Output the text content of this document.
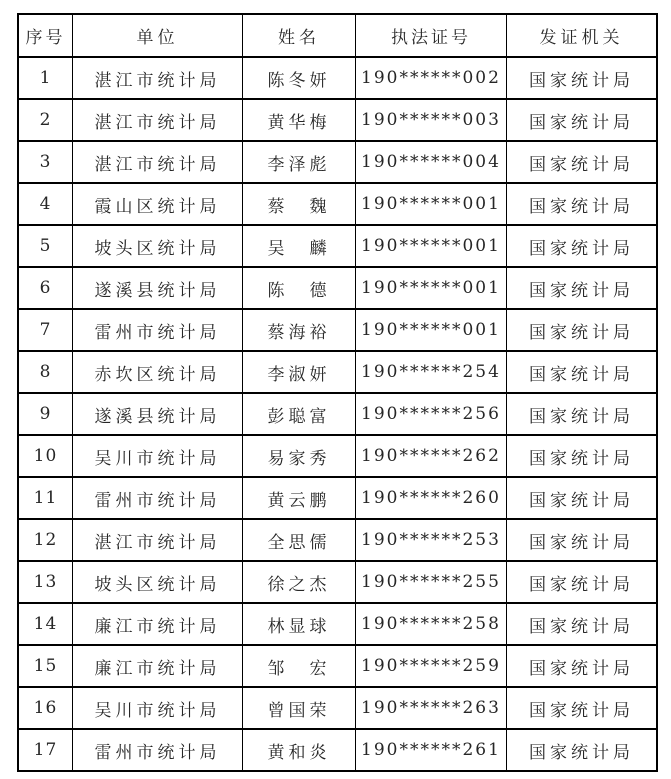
序号	单位	姓名	执法证号	发证机关
1	湛江市统计局	陈冬妍	190******002	国家统计局
2	湛江市统计局	黄华梅	190******003	国家统计局
3	湛江市统计局	李泽彪	190******004	国家统计局
4	霞山区统计局	蔡　魏	190******001	国家统计局
5	坡头区统计局	吴　麟	190******001	国家统计局
6	遂溪县统计局	陈　德	190******001	国家统计局
7	雷州市统计局	蔡海裕	190******001	国家统计局
8	赤坎区统计局	李淑妍	190******254	国家统计局
9	遂溪县统计局	彭聪富	190******256	国家统计局
10	吴川市统计局	易家秀	190******262	国家统计局
11	雷州市统计局	黄云鹏	190******260	国家统计局
12	湛江市统计局	全思儒	190******253	国家统计局
13	坡头区统计局	徐之杰	190******255	国家统计局
14	廉江市统计局	林显球	190******258	国家统计局
15	廉江市统计局	邹　宏	190******259	国家统计局
16	吴川市统计局	曾国荣	190******263	国家统计局
17	雷州市统计局	黄和炎	190******261	国家统计局
